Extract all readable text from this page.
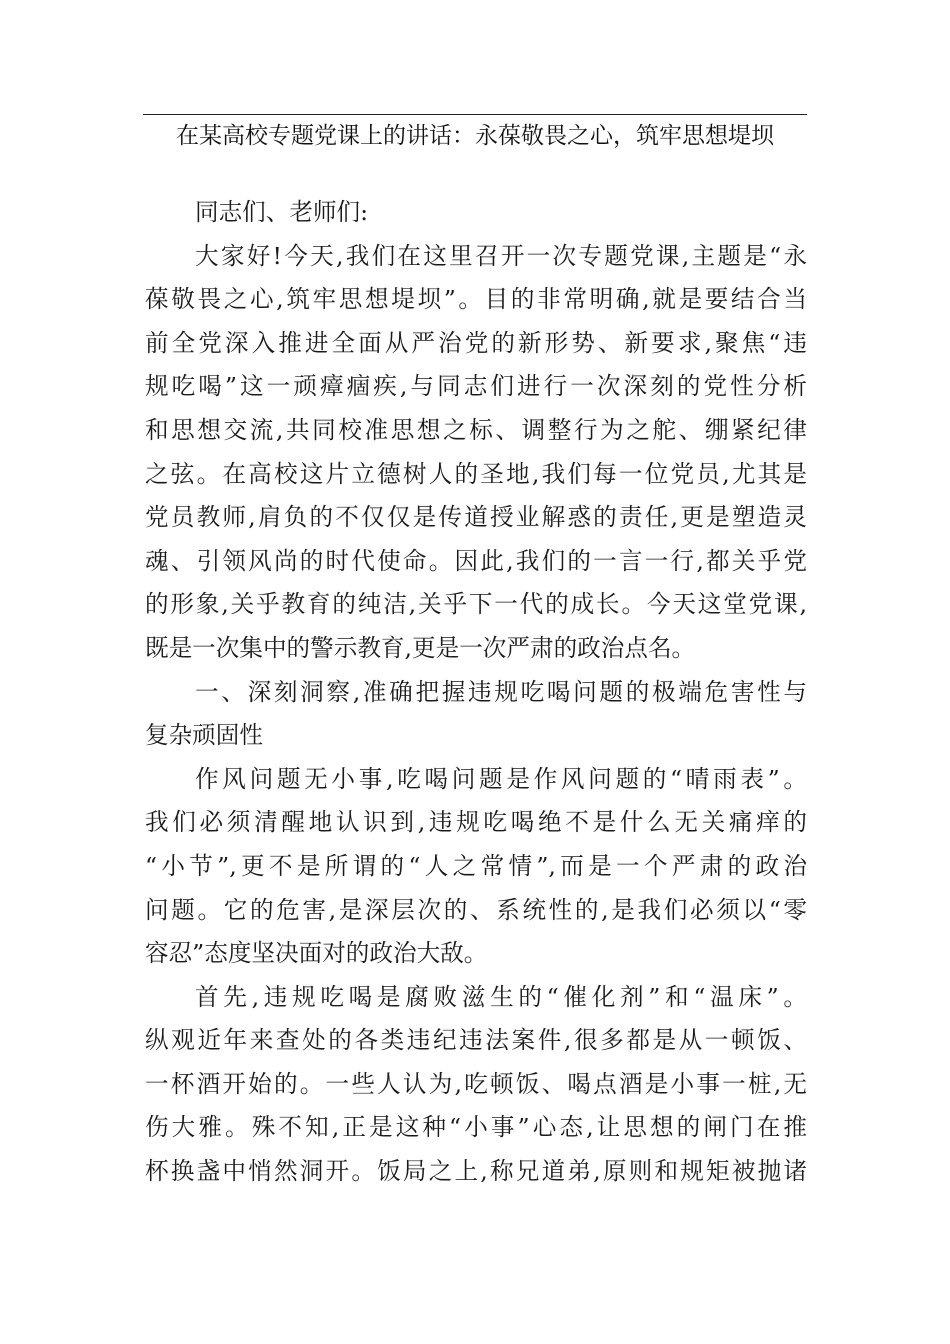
在某高校专题党课上的讲话：永葆敬畏之心，筑牢思想堤坝
同志们、老师们:
大家好!今天,我们在这里召开一次专题党课,主题是“永
葆敬畏之心,筑牢思想堤坝”。目的非常明确,就是要结合当
前全党深入推进全面从严治党的新形势、新要求,聚焦“违
规吃喝”这一顽瘴痼疾,与同志们进行一次深刻的党性分析
和思想交流,共同校准思想之标、调整行为之舵、绷紧纪律
之弦。在高校这片立德树人的圣地,我们每一位党员,尤其是
党员教师,肩负的不仅仅是传道授业解惑的责任,更是塑造灵
魂、引领风尚的时代使命。因此,我们的一言一行,都关乎党
的形象,关乎教育的纯洁,关乎下一代的成长。今天这堂党课,
既是一次集中的警示教育,更是一次严肃的政治点名。
一、深刻洞察,准确把握违规吃喝问题的极端危害性与
复杂顽固性
作风问题无小事,吃喝问题是作风问题的“晴雨表”。
我们必须清醒地认识到,违规吃喝绝不是什么无关痛痒的
“小节”,更不是所谓的“人之常情”,而是一个严肃的政治
问题。它的危害,是深层次的、系统性的,是我们必须以“零
容忍”态度坚决面对的政治大敌。
首先,违规吃喝是腐败滋生的“催化剂”和“温床”。
纵观近年来查处的各类违纪违法案件,很多都是从一顿饭、
一杯酒开始的。一些人认为,吃顿饭、喝点酒是小事一桩,无
伤大雅。殊不知,正是这种“小事”心态,让思想的闸门在推
杯换盏中悄然洞开。饭局之上,称兄道弟,原则和规矩被抛诸
